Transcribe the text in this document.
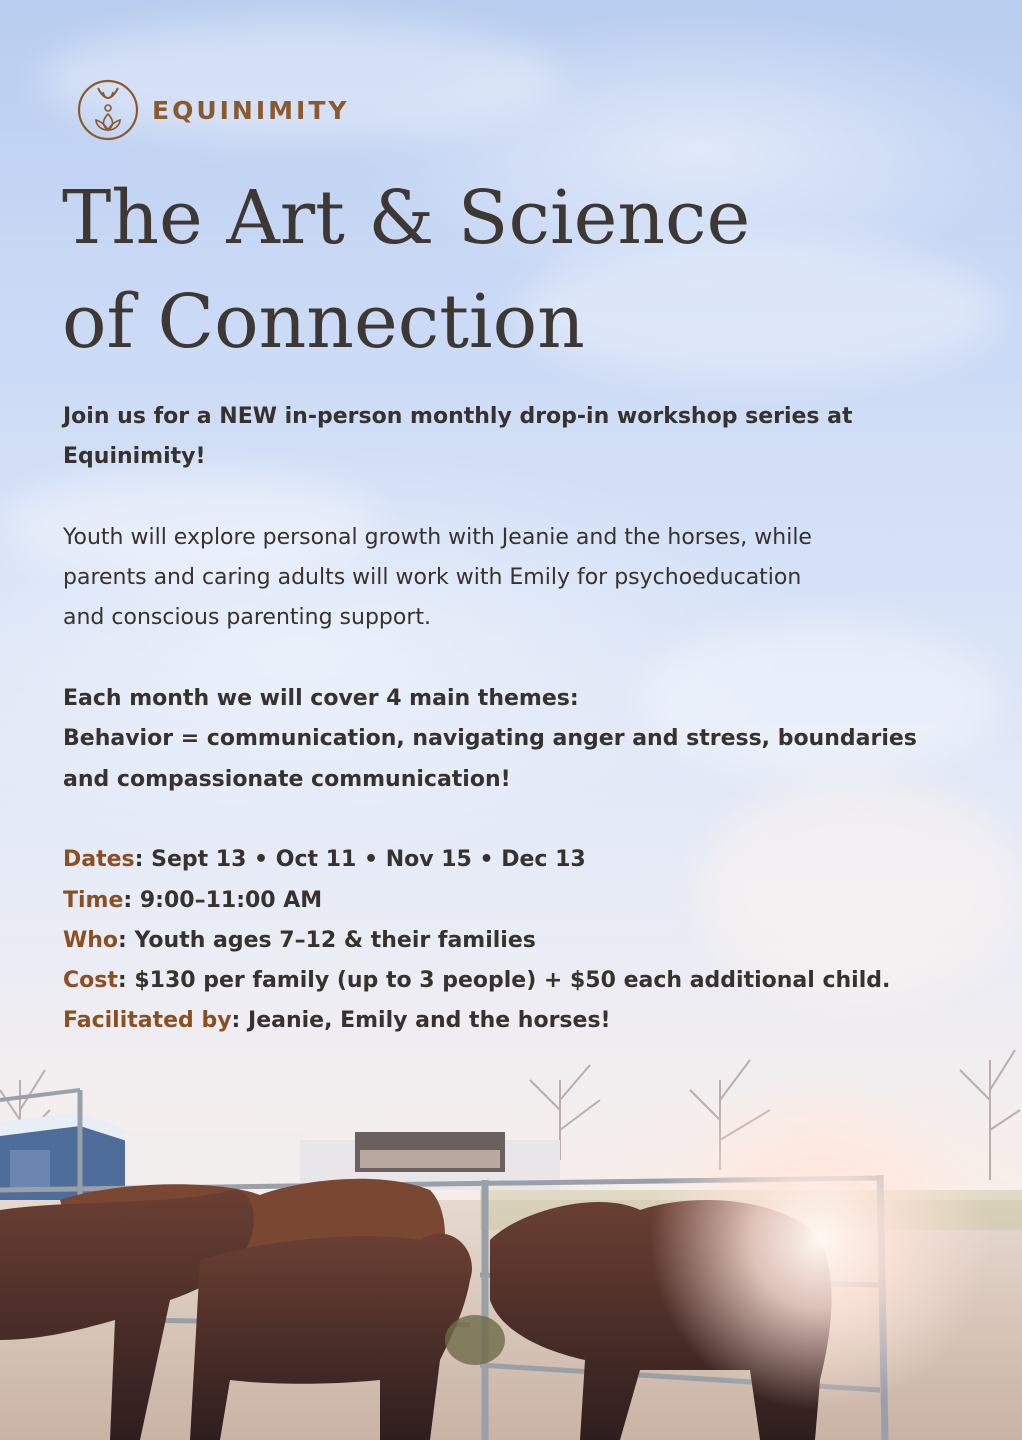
EQUINIMITY
The Art & Science
of Connection

Join us for a NEW in-person monthly drop-in workshop series at

Equinimity!

Youth will explore personal growth with Jeanie and the horses, while

parents and caring adults will work with Emily for psychoeducation

and conscious parenting support.

Each month we will cover 4 main themes:

Behavior = communication, navigating anger and stress, boundaries

and compassionate communication!

Dates: Sept 13 • Oct 11 • Nov 15 • Dec 13

Time: 9:00–11:00 AM

Who: Youth ages 7–12 & their families

Cost: $130 per family (up to 3 people) + $50 each additional child.

Facilitated by: Jeanie, Emily and the horses!
